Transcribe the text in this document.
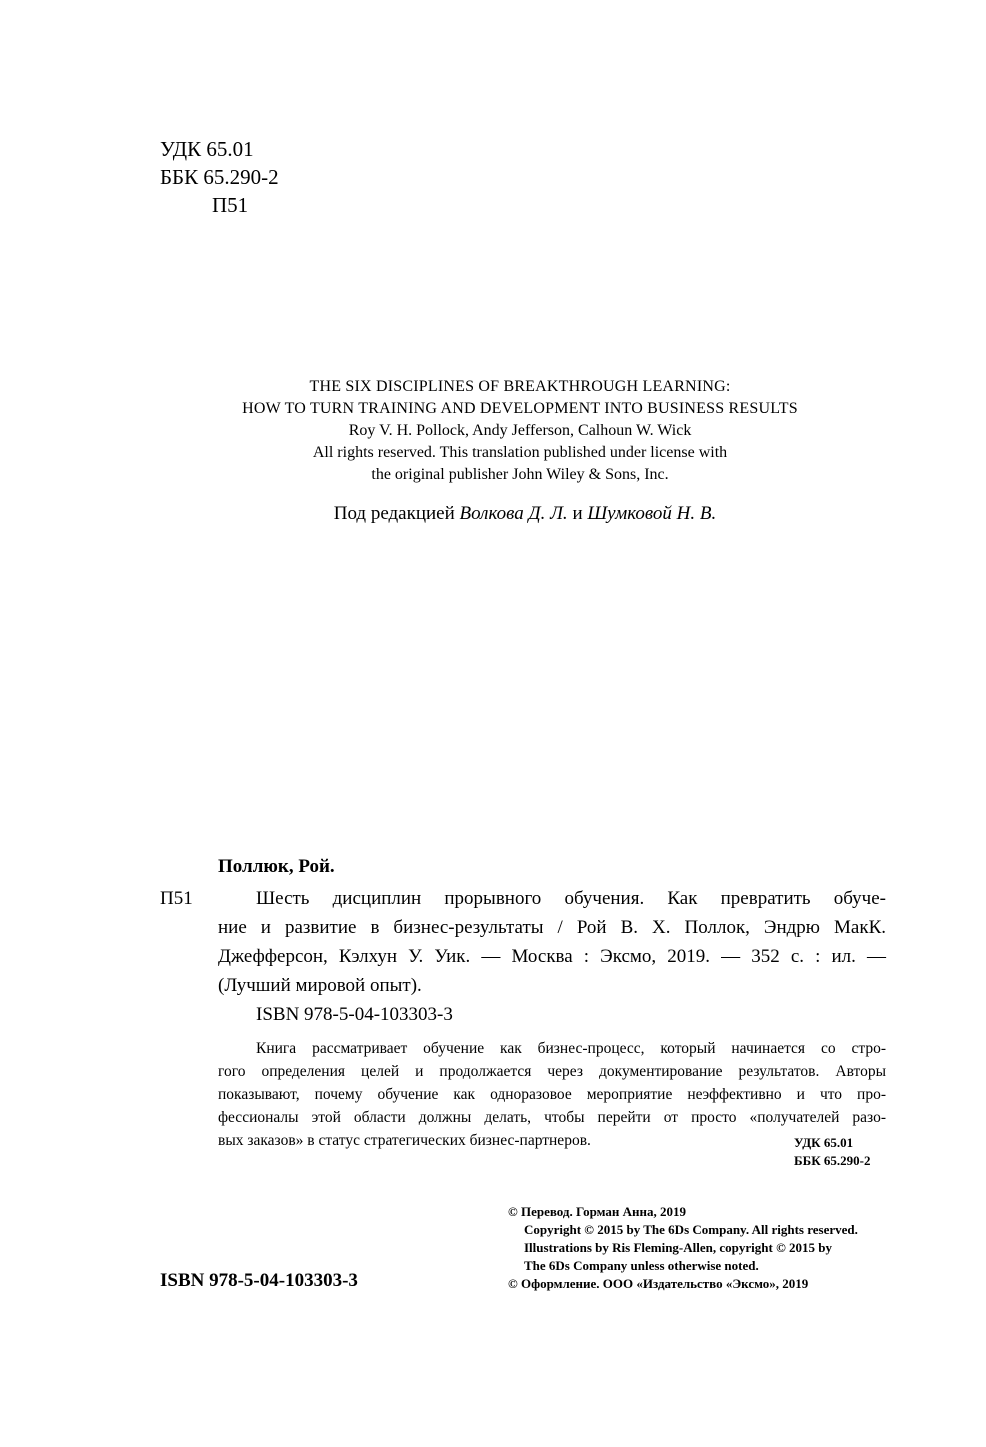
УДК 65.01
ББК 65.290-2
П51
THE SIX DISCIPLINES OF BREAKTHROUGH LEARNING:
HOW TO TURN TRAINING AND DEVELOPMENT INTO BUSINESS RESULTS
Roy V. H. Pollock, Andy Jefferson, Calhoun W. Wick
All rights reserved. This translation published under license with
the original publisher John Wiley & Sons, Inc.
Под редакцией Волкова Д. Л. и Шумковой Н. В.
Поллюк, Рой.
П51	Шесть дисциплин прорывного обучения. Как превратить обуче-
ние и развитие в бизнес-результаты / Рой В. Х. Поллок, Эндрю МакК.
Джефферсон, Кэлхун У. Уик. — Москва : Эксмо, 2019. — 352 с. : ил. —
(Лучший мировой опыт).
ISBN 978-5-04-103303-3
Книга рассматривает обучение как бизнес-процесс, который начинается со стро-
гого определения целей и продолжается через документирование результатов. Авторы
показывают, почему обучение как одноразовое мероприятие неэффективно и что про-
фессионалы этой области должны делать, чтобы перейти от просто «получателей разо-
вых заказов» в статус стратегических бизнес-партнеров.	УДК 65.01
ББК 65.290-2
© Перевод. Горман Анна, 2019
Copyright © 2015 by The 6Ds Company. All rights reserved.
Illustrations by Ris Fleming-Allen, copyright © 2015 by
The 6Ds Company unless otherwise noted.
© Оформление. ООО «Издательство «Эксмо», 2019
ISBN 978-5-04-103303-3
